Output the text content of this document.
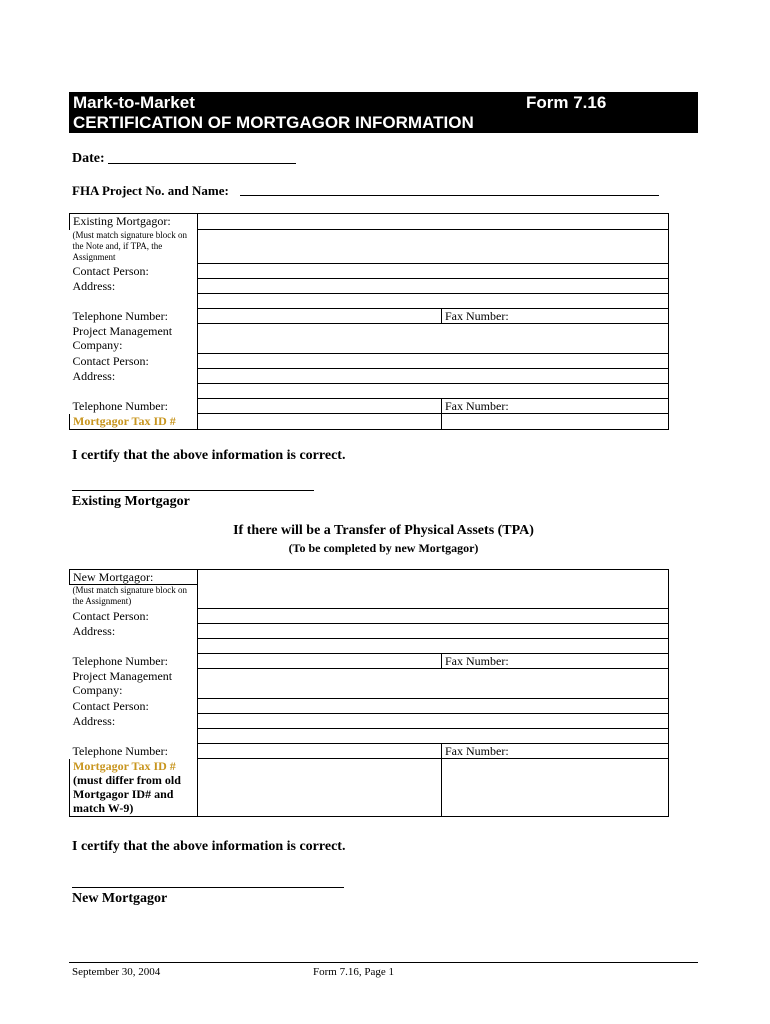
Mark-to-Market
CERTIFICATION OF MORTGAGOR INFORMATION
Form 7.16
Date:
FHA Project No. and Name:
Existing Mortgagor:		

(Must match signature block on the Note and, if TPA, the Assignment		

Contact Person:		
Address:		

Telephone Number:		Fax Number:
Project Management Company:		
Contact Person:		
Address:		

Telephone Number:		Fax Number:
Mortgagor Tax ID #		
I certify that the above information is correct.
Existing Mortgagor
If there will be a Transfer of Physical Assets (TPA)
(To be completed by new Mortgagor)
New Mortgagor:		

(Must match signature block on the Assignment)		

Contact Person:		
Address:		

Telephone Number:		Fax Number:
Project Management Company:		
Contact Person:		
Address:		

Telephone Number:		Fax Number:
Mortgagor Tax ID #
(must differ from old Mortgagor ID# and match W-9)		
I certify that the above information is correct.
New Mortgagor
September 30, 2004	Form 7.16, Page 1
